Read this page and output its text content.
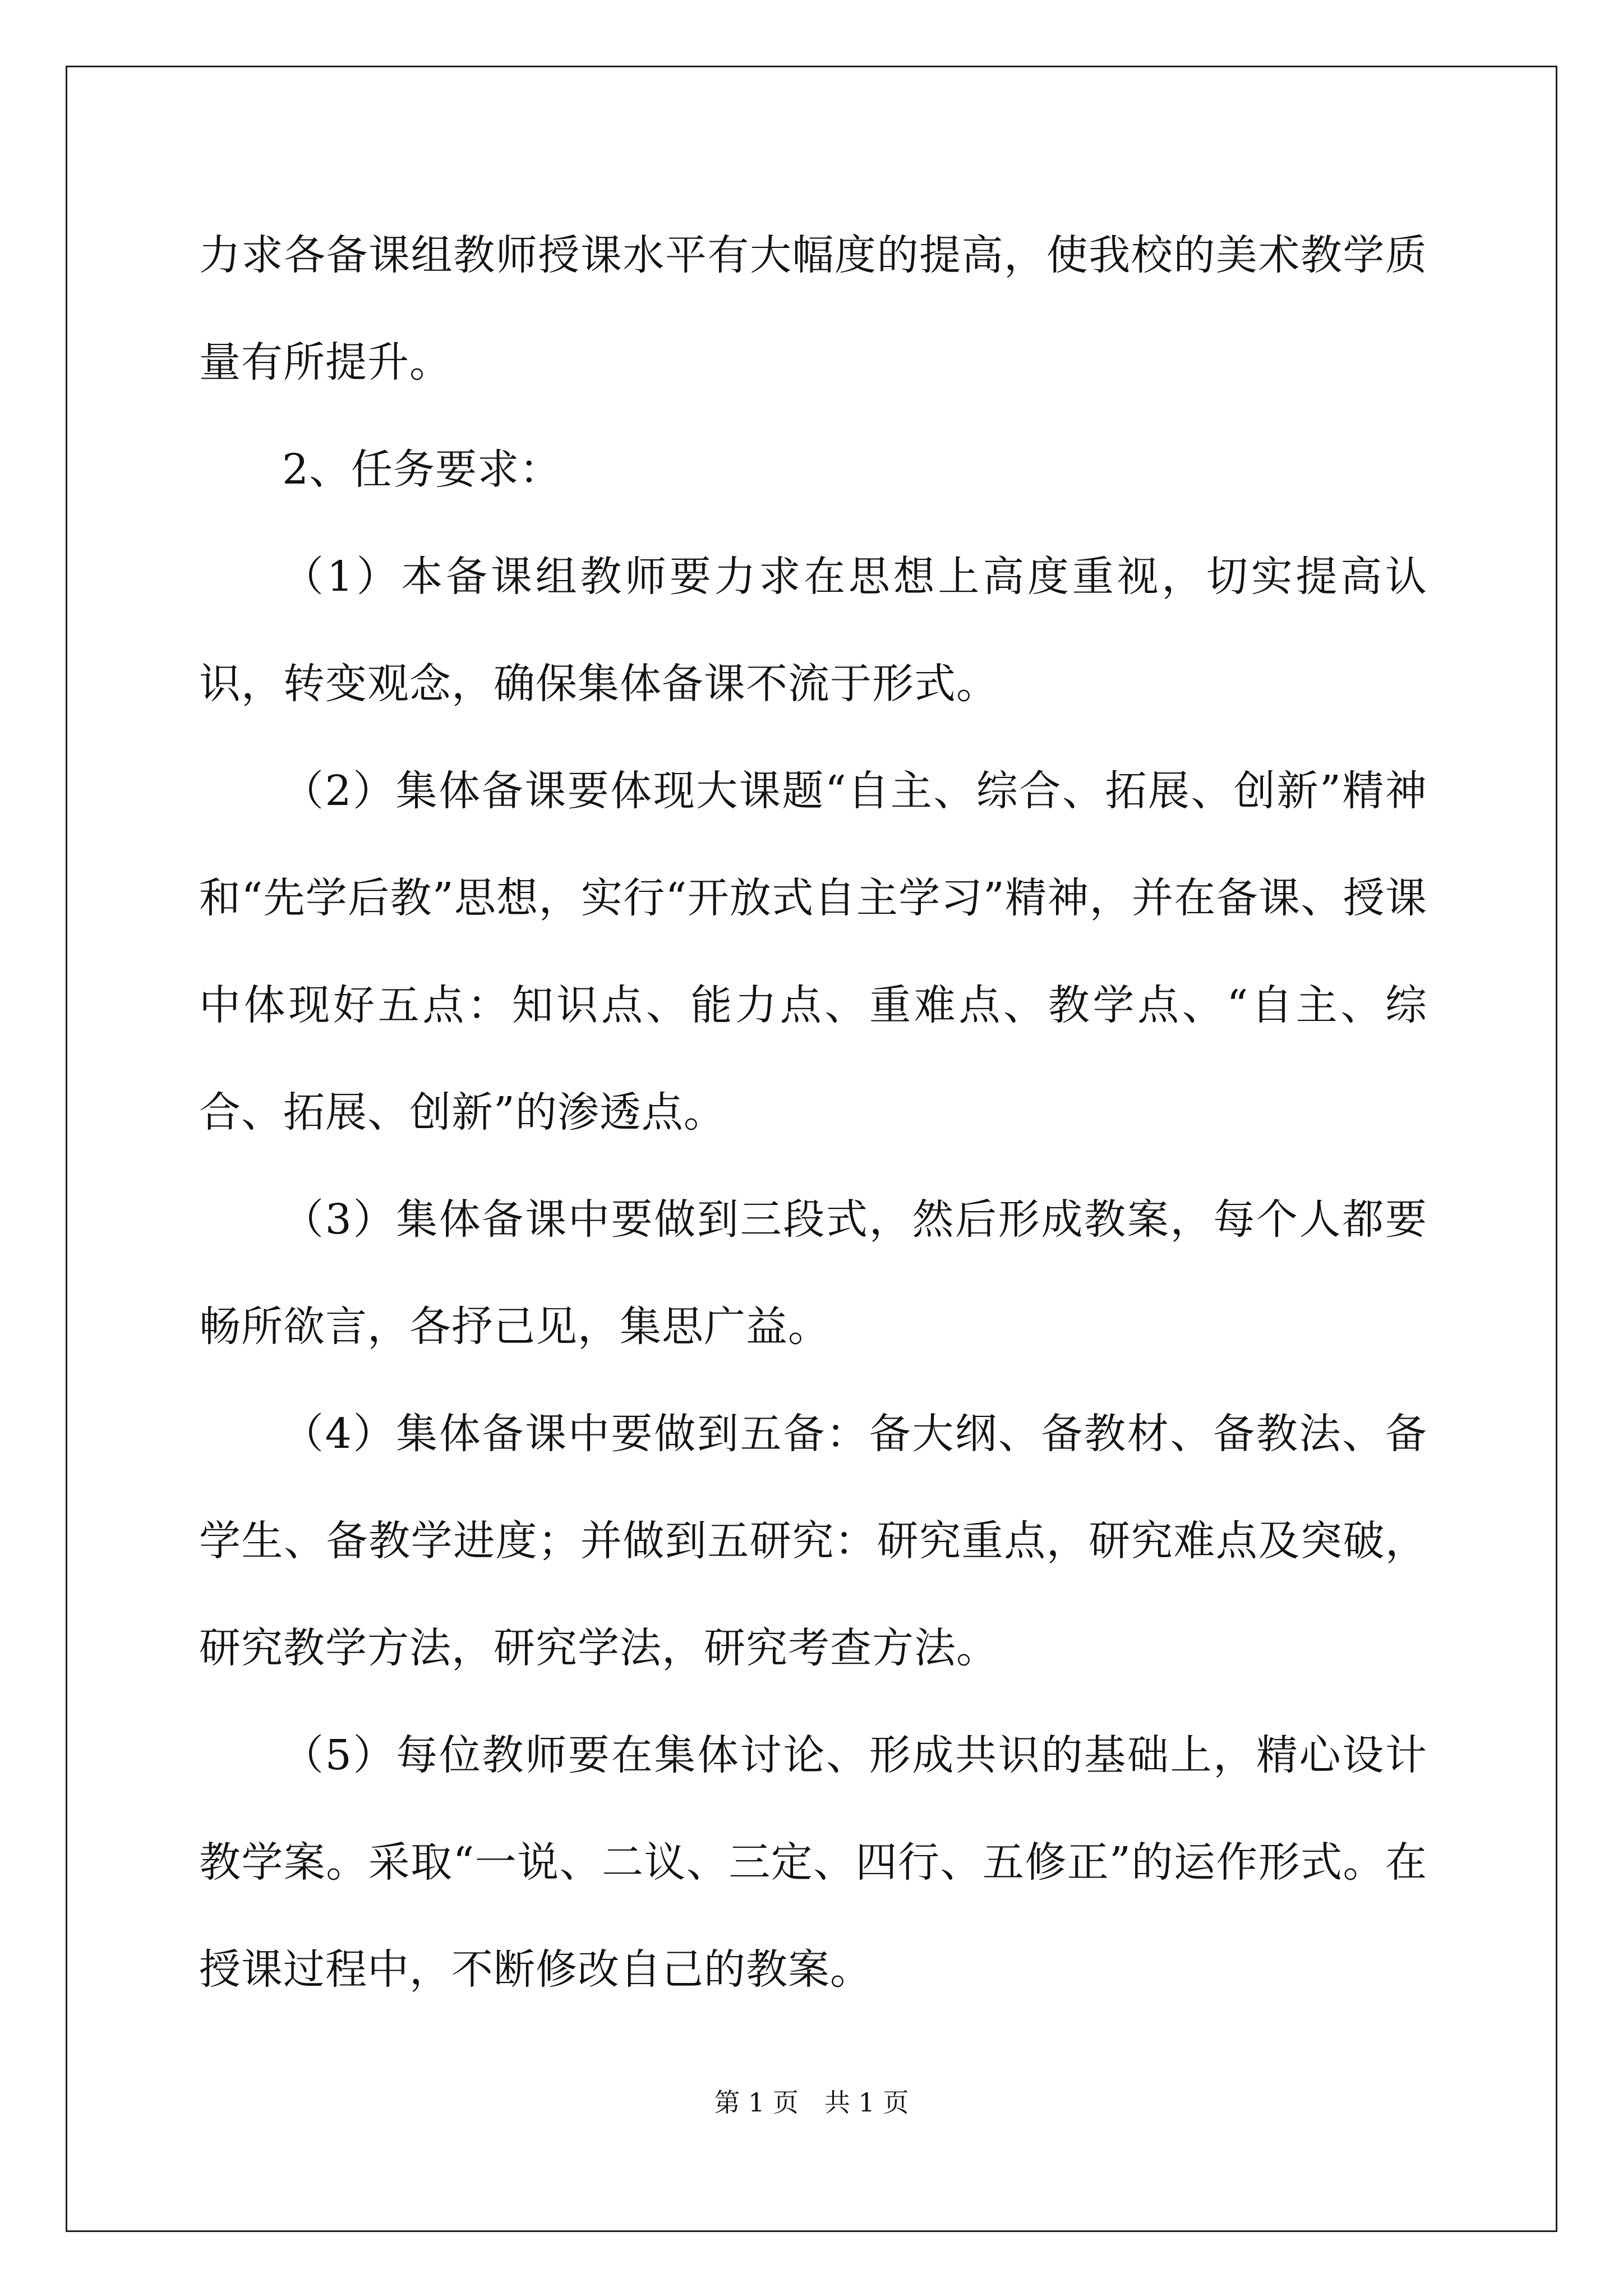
力求各备课组教师授课水平有大幅度的提高，使我校的美术教学质量有所提升。

2、任务要求：

（1）本备课组教师要力求在思想上高度重视，切实提高认识，转变观念，确保集体备课不流于形式。

（2）集体备课要体现大课题“自主、综合、拓展、创新”精神和“先学后教”思想，实行“开放式自主学习”精神，并在备课、授课中体现好五点：知识点、能力点、重难点、教学点、“自主、综合、拓展、创新”的渗透点。

（3）集体备课中要做到三段式，然后形成教案，每个人都要畅所欲言，各抒己见，集思广益。

（4）集体备课中要做到五备：备大纲、备教材、备教法、备学生、备教学进度；并做到五研究：研究重点，研究难点及突破，研究教学方法，研究学法，研究考查方法。

（5）每位教师要在集体讨论、形成共识的基础上，精心设计教学案。采取“一说、二议、三定、四行、五修正”的运作形式。在授课过程中，不断修改自己的教案。

第 1 页 共 1 页
